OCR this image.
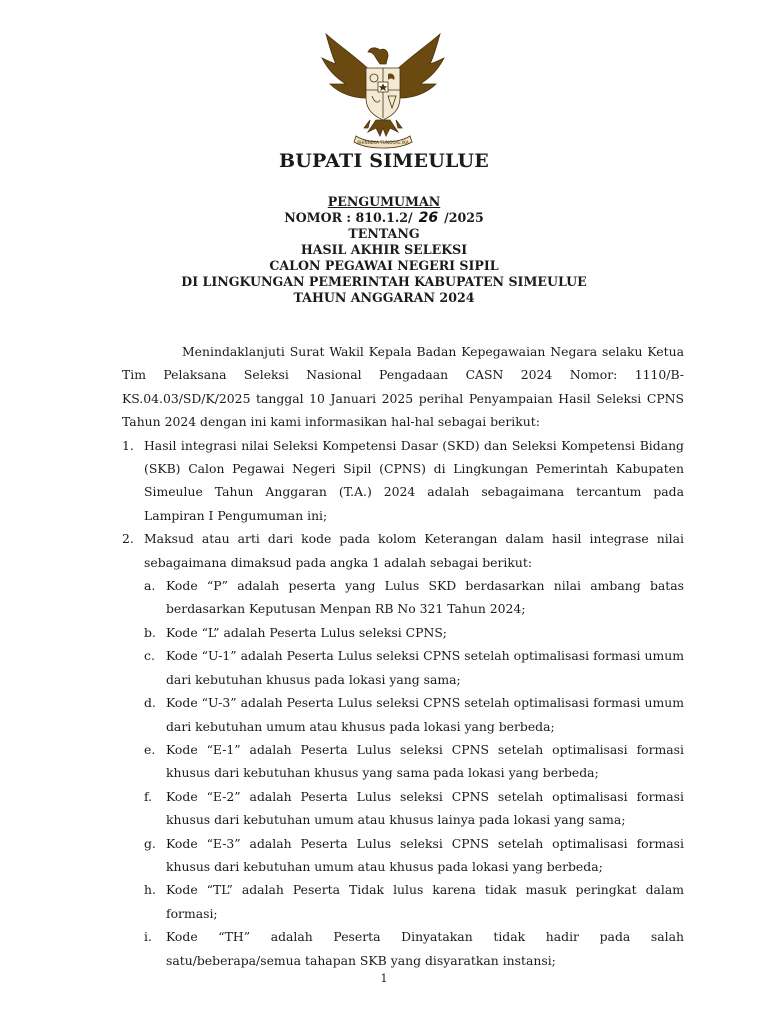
BHINNEKA TUNGGAL IKA
BUPATI SIMEULUE
PENGUMUMAN
NOMOR : 810.1.2/ 26 /2025
TENTANG
HASIL AKHIR SELEKSI
CALON PEGAWAI NEGERI SIPIL
DI LINGKUNGAN PEMERINTAH KABUPATEN SIMEULUE
TAHUN ANGGARAN 2024

Menindaklanjuti Surat Wakil Kepala Badan Kepegawaian Negara selaku Ketua Tim Pelaksana Seleksi Nasional Pengadaan CASN 2024 Nomor: 1110/B-KS.04.03/SD/K/2025 tanggal 10 Januari 2025 perihal Penyampaian Hasil Seleksi CPNS Tahun 2024 dengan ini kami informasikan hal-hal sebagai berikut:

1. Hasil integrasi nilai Seleksi Kompetensi Dasar (SKD) dan Seleksi Kompetensi Bidang (SKB) Calon Pegawai Negeri Sipil (CPNS) di Lingkungan Pemerintah Kabupaten Simeulue Tahun Anggaran (T.A.) 2024 adalah sebagaimana tercantum pada Lampiran I Pengumuman ini;
2. Maksud atau arti dari kode pada kolom Keterangan dalam hasil integrase nilai sebagaimana dimaksud pada angka 1 adalah sebagai berikut:
a. Kode “P” adalah peserta yang Lulus SKD berdasarkan nilai ambang batas berdasarkan Keputusan Menpan RB No 321 Tahun 2024;
b. Kode “L” adalah Peserta Lulus seleksi CPNS;
c. Kode “U-1” adalah Peserta Lulus seleksi CPNS setelah optimalisasi formasi umum dari kebutuhan khusus pada lokasi yang sama;
d. Kode “U-3” adalah Peserta Lulus seleksi CPNS setelah optimalisasi formasi umum dari kebutuhan umum atau khusus pada lokasi yang berbeda;
e. Kode “E-1” adalah Peserta Lulus seleksi CPNS setelah optimalisasi formasi khusus dari kebutuhan khusus yang sama pada lokasi yang berbeda;
f.	Kode “E-2” adalah Peserta Lulus seleksi CPNS setelah optimalisasi formasi khusus dari kebutuhan umum atau khusus lainya pada lokasi yang sama;
g. Kode “E-3” adalah Peserta Lulus seleksi CPNS setelah optimalisasi formasi khusus dari kebutuhan umum atau khusus pada lokasi yang berbeda;
h. Kode “TL” adalah Peserta Tidak lulus karena tidak masuk peringkat dalam formasi;
i.	Kode “TH” adalah Peserta Dinyatakan tidak hadir pada salah satu/beberapa/semua tahapan SKB yang disyaratkan instansi;
1
